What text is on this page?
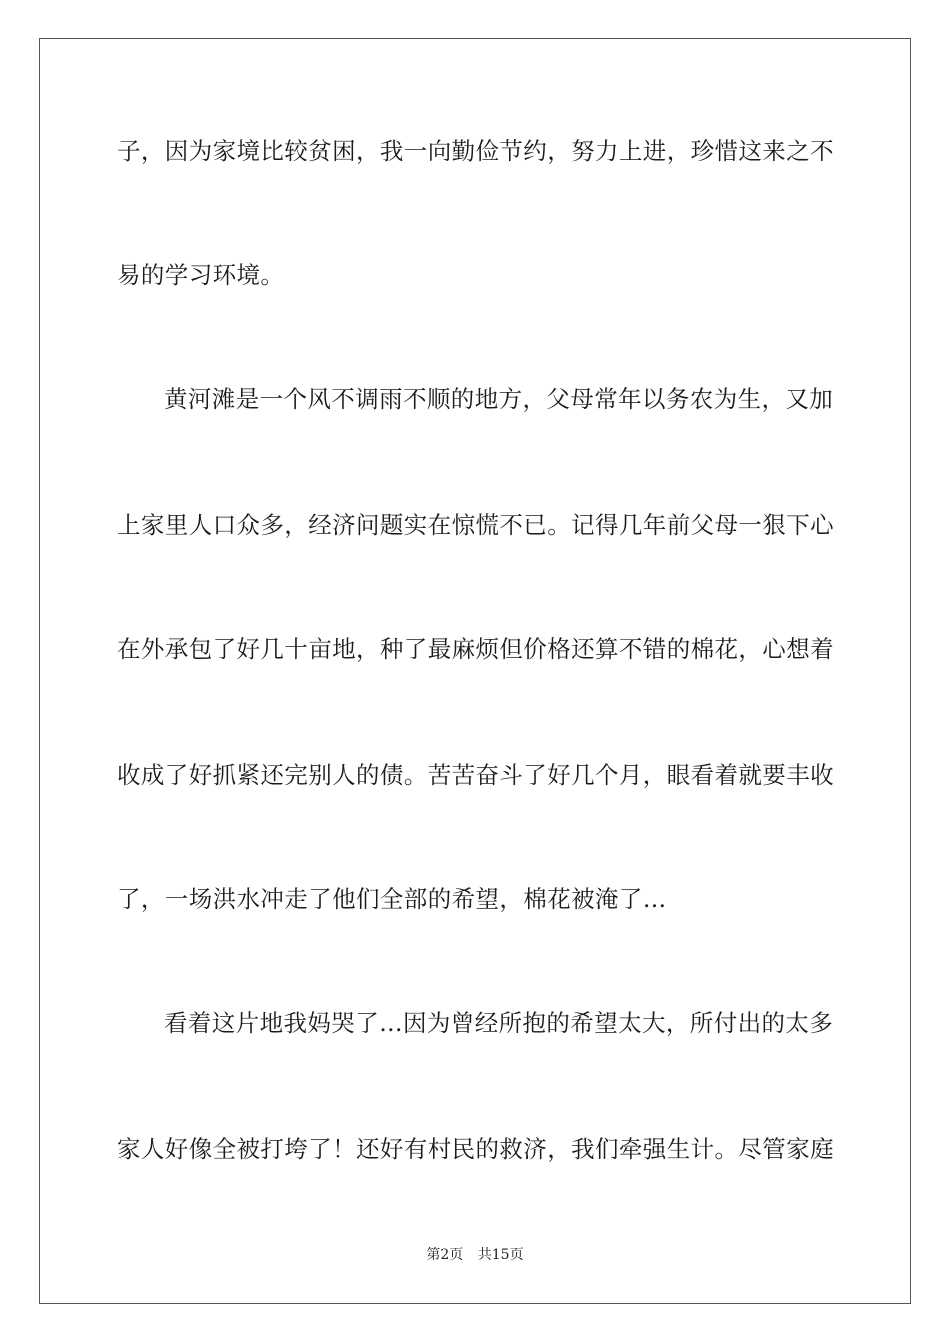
子，因为家境比较贫困，我一向勤俭节约，努力上进，珍惜这来之不
易的学习环境。
黄河滩是一个风不调雨不顺的地方，父母常年以务农为生，又加
上家里人口众多，经济问题实在惊慌不已。记得几年前父母一狠下心
在外承包了好几十亩地，种了最麻烦但价格还算不错的棉花，心想着
收成了好抓紧还完别人的债。苦苦奋斗了好几个月，眼看着就要丰收
了，一场洪水冲走了他们全部的希望，棉花被淹了…
看着这片地我妈哭了…因为曾经所抱的希望太大，所付出的太多
家人好像全被打垮了！还好有村民的救济，我们牵强生计。尽管家庭
第2页 共15页
